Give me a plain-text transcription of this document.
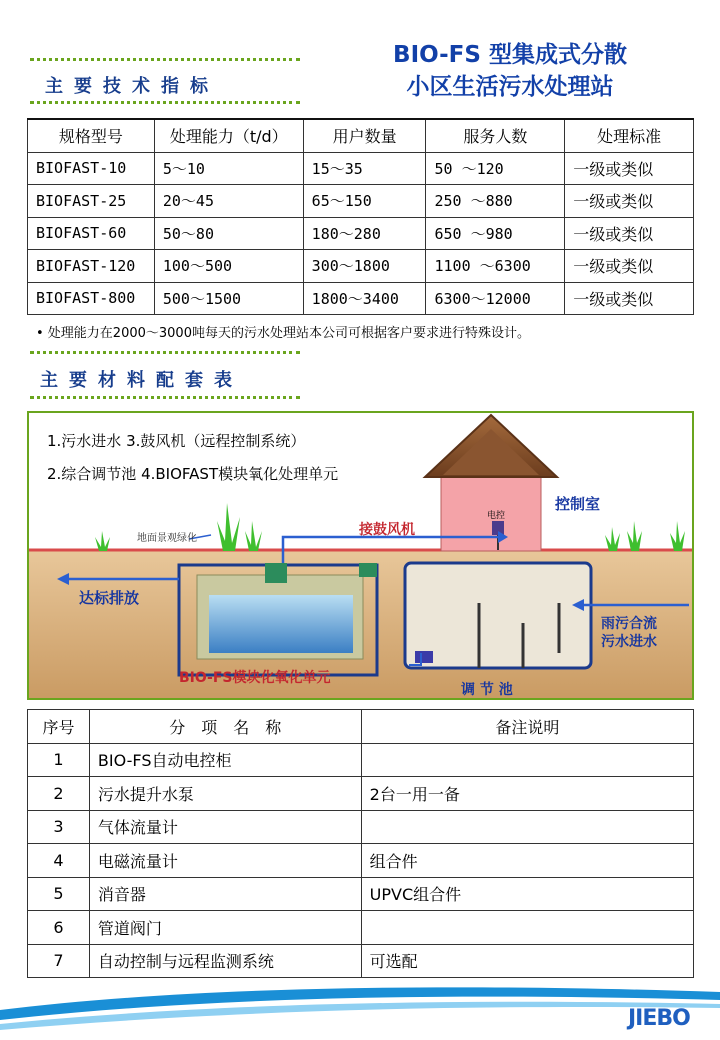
主要技术指标
主要材料配套表
BIO-FS 型集成式分散
小区生活污水处理站
规格型号	处理能力（t/d）	用户数量	服务人数	处理标准
BIOFAST-10	5～10	15～35	50 ～120	一级或类似
BIOFAST-25	20～45	65～150	250 ～880	一级或类似
BIOFAST-60	50～80	180～280	650 ～980	一级或类似
BIOFAST-120	100～500	300～1800	1100 ～6300	一级或类似
BIOFAST-800	500～1500	1800～3400	6300～12000	一级或类似
• 处理能力在2000～3000吨每天的污水处理站本公司可根据客户要求进行特殊设计。
1.污水进水 3.鼓风机（远程控制系统）
2.综合调节池 4.BIOFAST模块氧化处理单元
控制室
电控
接鼓风机
地面景观绿化
达标排放
雨污合流
污水进水
BIO-FS模块化氧化单元
调 节 池
序号	分　项　名　称	备注说明
1	BIO-FS自动电控柜	
2	污水提升水泵	2台一用一备
3	气体流量计	
4	电磁流量计	组合件
5	消音器	UPVC组合件
6	管道阀门	
7	自动控制与远程监测系统	可选配
JIEBO
